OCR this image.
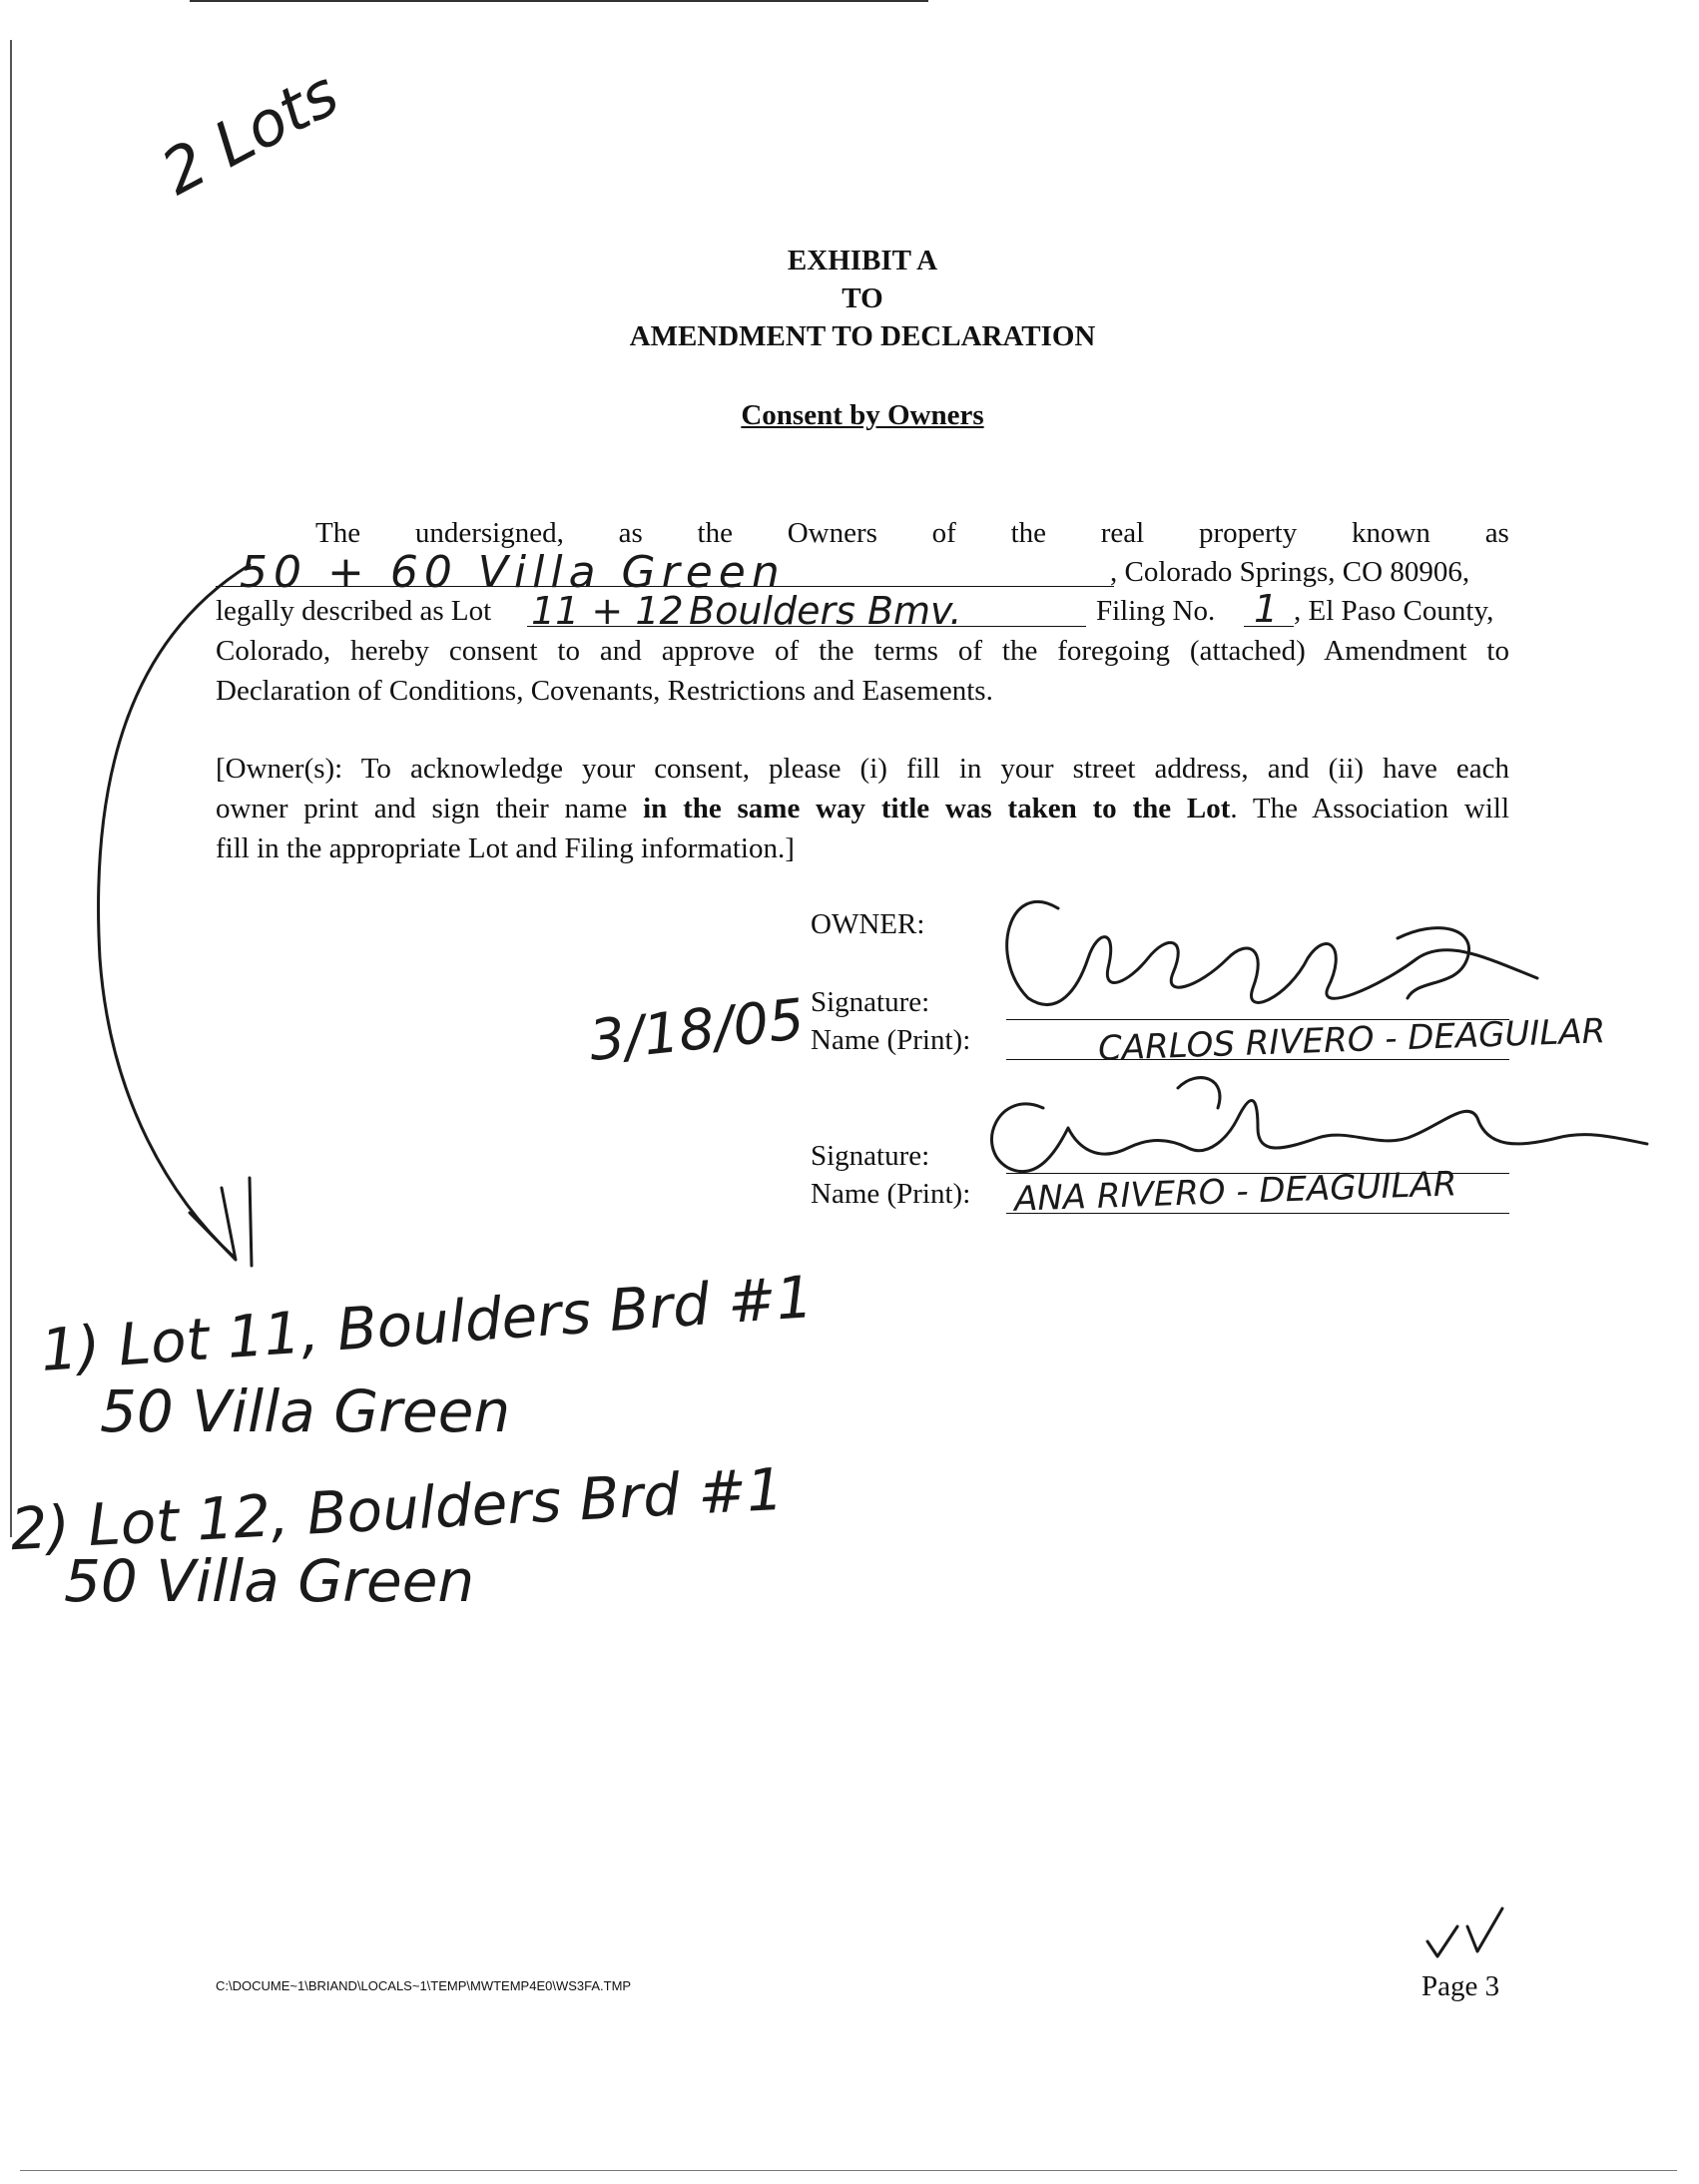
2 Lots
EXHIBIT A
TO
AMENDMENT TO DECLARATION
Consent by Owners
The undersigned, as the Owners of the real property known as
50 + 60 Villa Green	, Colorado Springs, CO 80906,
legally described as Lot 11 + 12 Boulders Bmv.	Filing No. 1 , El Paso County,
Colorado, hereby consent to and approve of the terms of the foregoing (attached) Amendment to
Declaration of Conditions, Covenants, Restrictions and Easements.
[Owner(s): To acknowledge your consent, please (i) fill in your street address, and (ii) have each
owner print and sign their name in the same way title was taken to the Lot. The Association will
fill in the appropriate Lot and Filing information.]
OWNER:
3/18/05 Signature:
Name (Print):	CARLOS RIVERO - DEAGUILAR
Signature:
Name (Print): ANA RIVERO - DEAGUILAR
1) Lot 11, Boulders Brd #1
50 Villa Green
2) Lot 12, Boulders Brd #1
50 Villa Green
C:\DOCUME~1\BRIAND\LOCALS~1\TEMP\MWTEMP4E0\WS3FA.TMP	Page 3
